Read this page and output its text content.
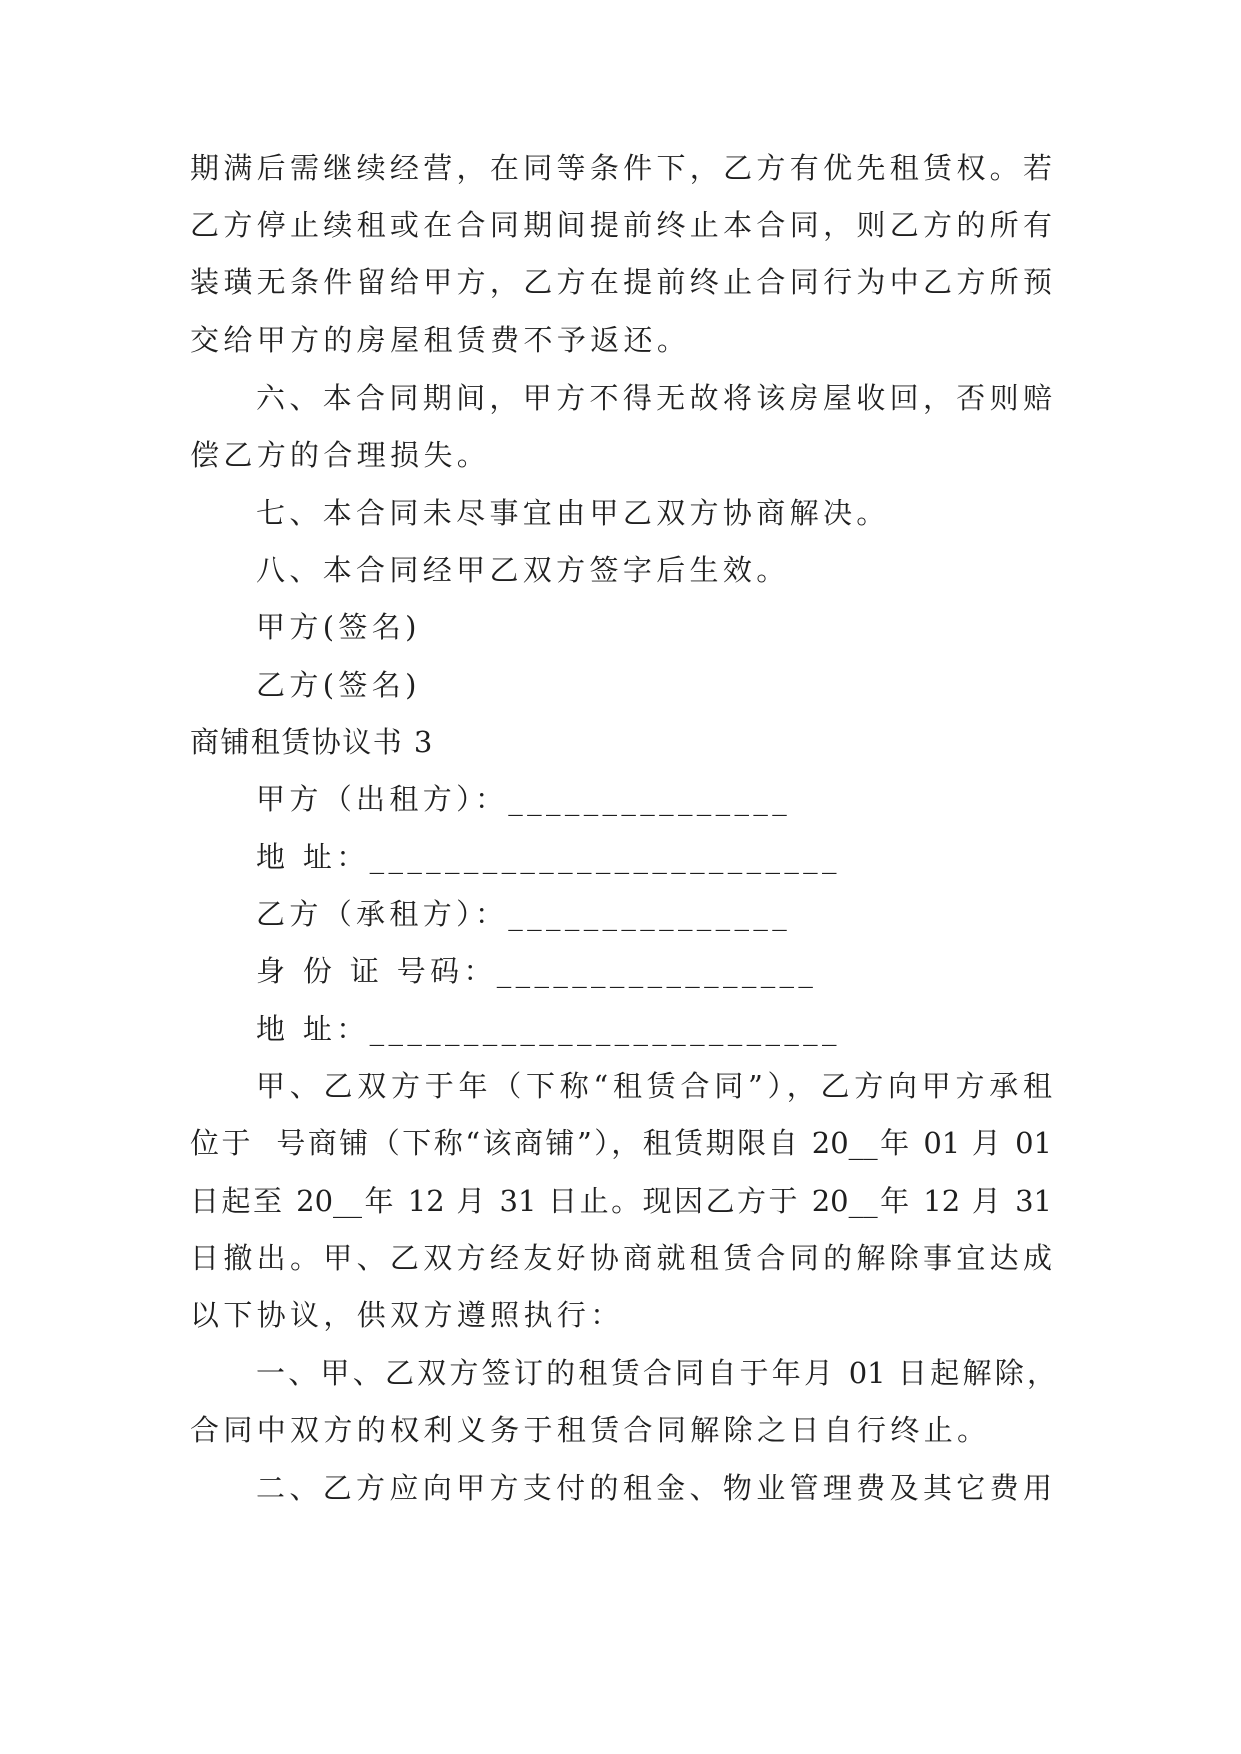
期满后需继续经营，在同等条件下，乙方有优先租赁权。若
乙方停止续租或在合同期间提前终止本合同，则乙方的所有
装璜无条件留给甲方，乙方在提前终止合同行为中乙方所预
交给甲方的房屋租赁费不予返还。
六、本合同期间，甲方不得无故将该房屋收回，否则赔
偿乙方的合理损失。
七、本合同未尽事宜由甲乙双方协商解决。
八、本合同经甲乙双方签字后生效。
甲方(签名)
乙方(签名)
商铺租赁协议书 3
甲方（出租方）：_______________
地 址：_________________________
乙方（承租方）：_______________
身 份 证 号码：_________________
地 址：_________________________
甲、乙双方于年（下称“租赁合同”），乙方向甲方承租
位于  号商铺（下称“该商铺”），租赁期限自 20__年 01 月 01
日起至 20__年 12 月 31 日止。现因乙方于 20__年 12 月 31
日撤出。甲、乙双方经友好协商就租赁合同的解除事宜达成
以下协议，供双方遵照执行：
一、甲、乙双方签订的租赁合同自于年月 01 日起解除，
合同中双方的权利义务于租赁合同解除之日自行终止。
二、乙方应向甲方支付的租金、物业管理费及其它费用
